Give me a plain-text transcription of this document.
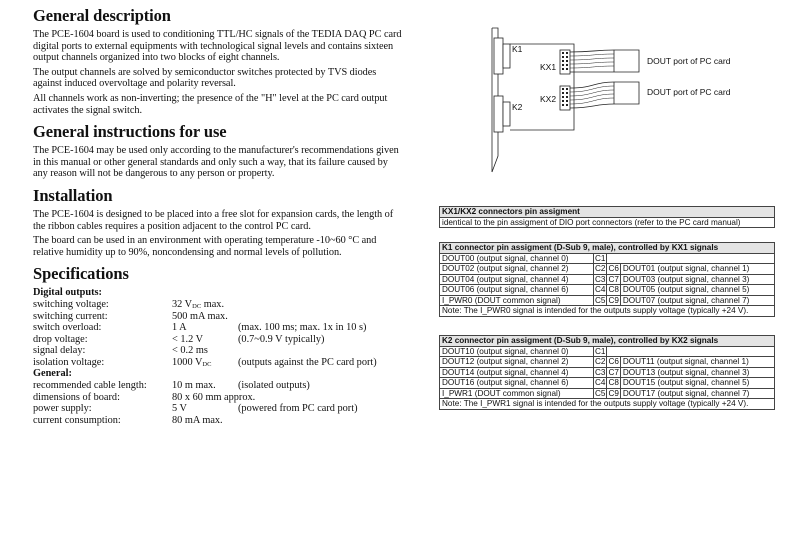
General description

The PCE-1604 board is used to conditioning TTL/HC signals of the TEDIA DAQ PC card digital ports to external equipments with technological signal levels and contains sixteen output channels organized into two blocks of eight channels.

The output channels are solved by semiconductor switches protected by TVS diodes against induced overvoltage and polarity reversal.

All channels work as non-inverting; the presence of the "H" level at the PC card output activates the signal switch.

General instructions for use

The PCE-1604 may be used only according to the manufacturer's recommendations given in this manual or other general standards and only such a way, that its failure caused by any reason will not be dangerous to any person or property.

Installation

The PCE-1604 is designed to be placed into a free slot for expansion cards, the length of the ribbon cables requires a position adjacent to the control PC card.

The board can be used in an environment with operating temperature -10~60 °C and relative humidity up to 90%, noncondensing and normal levels of pollution.

Specifications
Digital outputs:
switching voltage:	32 $V_{DC}$ max.
switching current:	500 mA max.
switch overload:	1 A	(max. 100 ms; max. 1x in 10 s)
drop voltage:	< 1.2 V	(0.7~0.9 V typically)
signal delay:	< 0.2 ms
isolation voltage:	1000 $V_{DC}$	(outputs against the PC card port)
General:
recommended cable length: 10 m max. (isolated outputs)
dimensions of board:	80 x 60 mm approx.
power supply:	5 V	(powered from PC card port)
current consumption:	80 mA max.
K1
K2
KX1
KX2
DOUT port of PC card
DOUT port of PC card
KX1/KX2 connectors pin assigment
identical to the pin assigment of DIO port connectors (refer to the PC card manual)
K1 connector pin assigment (D-Sub 9, male), controlled by KX1 signals			
DOUT00 (output signal, channel 0)	C1		
DOUT02 (output signal, channel 2)	C2	C6	DOUT01 (output signal, channel 1)
DOUT04 (output signal, channel 4)	C3	C7	DOUT03 (output signal, channel 3)
DOUT06 (output signal, channel 6)	C4	C8	DOUT05 (output signal, channel 5)
I_PWR0 (DOUT common signal)	C5	C9	DOUT07 (output signal, channel 7)
Note: The I_PWR0 signal is intended for the outputs supply voltage (typically +24 V).			
K2 connector pin assigment (D-Sub 9, male), controlled by KX2 signals			
DOUT10 (output signal, channel 0)	C1		
DOUT12 (output signal, channel 2)	C2	C6	DOUT11 (output signal, channel 1)
DOUT14 (output signal, channel 4)	C3	C7	DOUT13 (output signal, channel 3)
DOUT16 (output signal, channel 6)	C4	C8	DOUT15 (output signal, channel 5)
I_PWR1 (DOUT common signal)	C5	C9	DOUT17 (output signal, channel 7)
Note: The I_PWR1 signal is intended for the outputs supply voltage (typically +24 V).			
